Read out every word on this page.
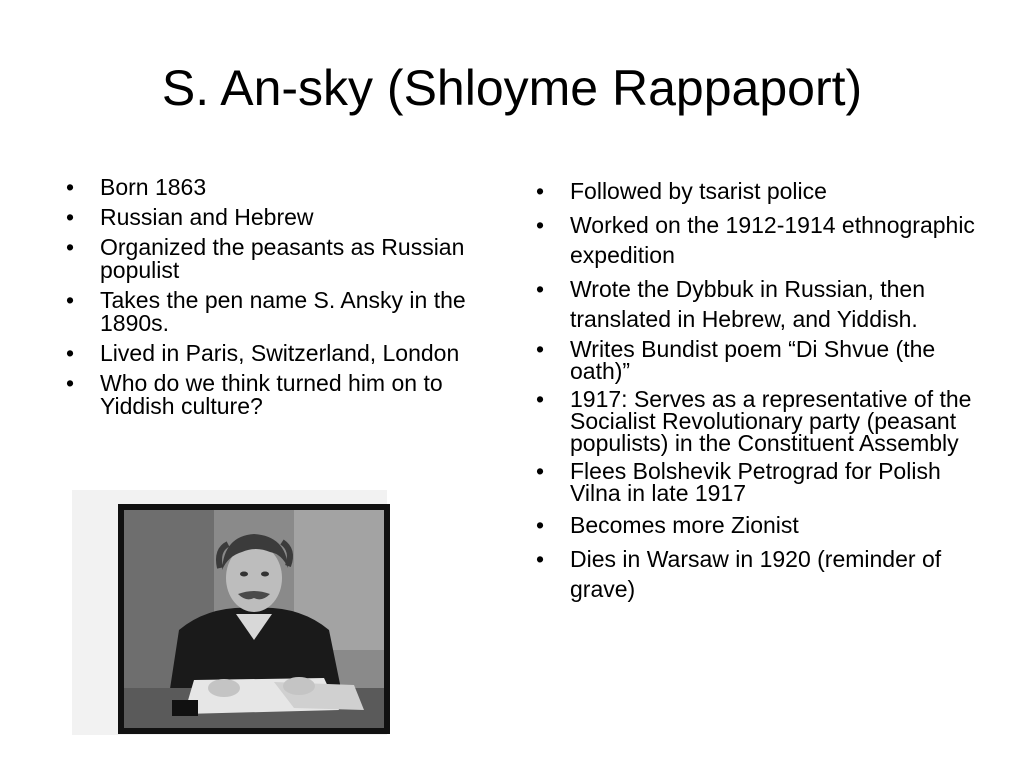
S. An-sky (Shloyme Rappaport)
• Born 1863
• Russian and Hebrew
• Organized the peasants as Russian populist
• Takes the pen name S. Ansky in the 1890s.
• Lived in Paris, Switzerland, London
• Who do we think turned him on to Yiddish culture?
• Followed by tsarist police
• Worked on the 1912-1914 ethnographic expedition
• Wrote the Dybbuk in Russian, then translated in Hebrew, and Yiddish.
• Writes Bundist poem “Di Shvue (the oath)”
• 1917: Serves as a representative of the Socialist Revolutionary party (peasant populists) in the Constituent Assembly
• Flees Bolshevik Petrograd for Polish Vilna in late 1917
• Becomes more Zionist
• Dies in Warsaw in 1920 (reminder of grave)
